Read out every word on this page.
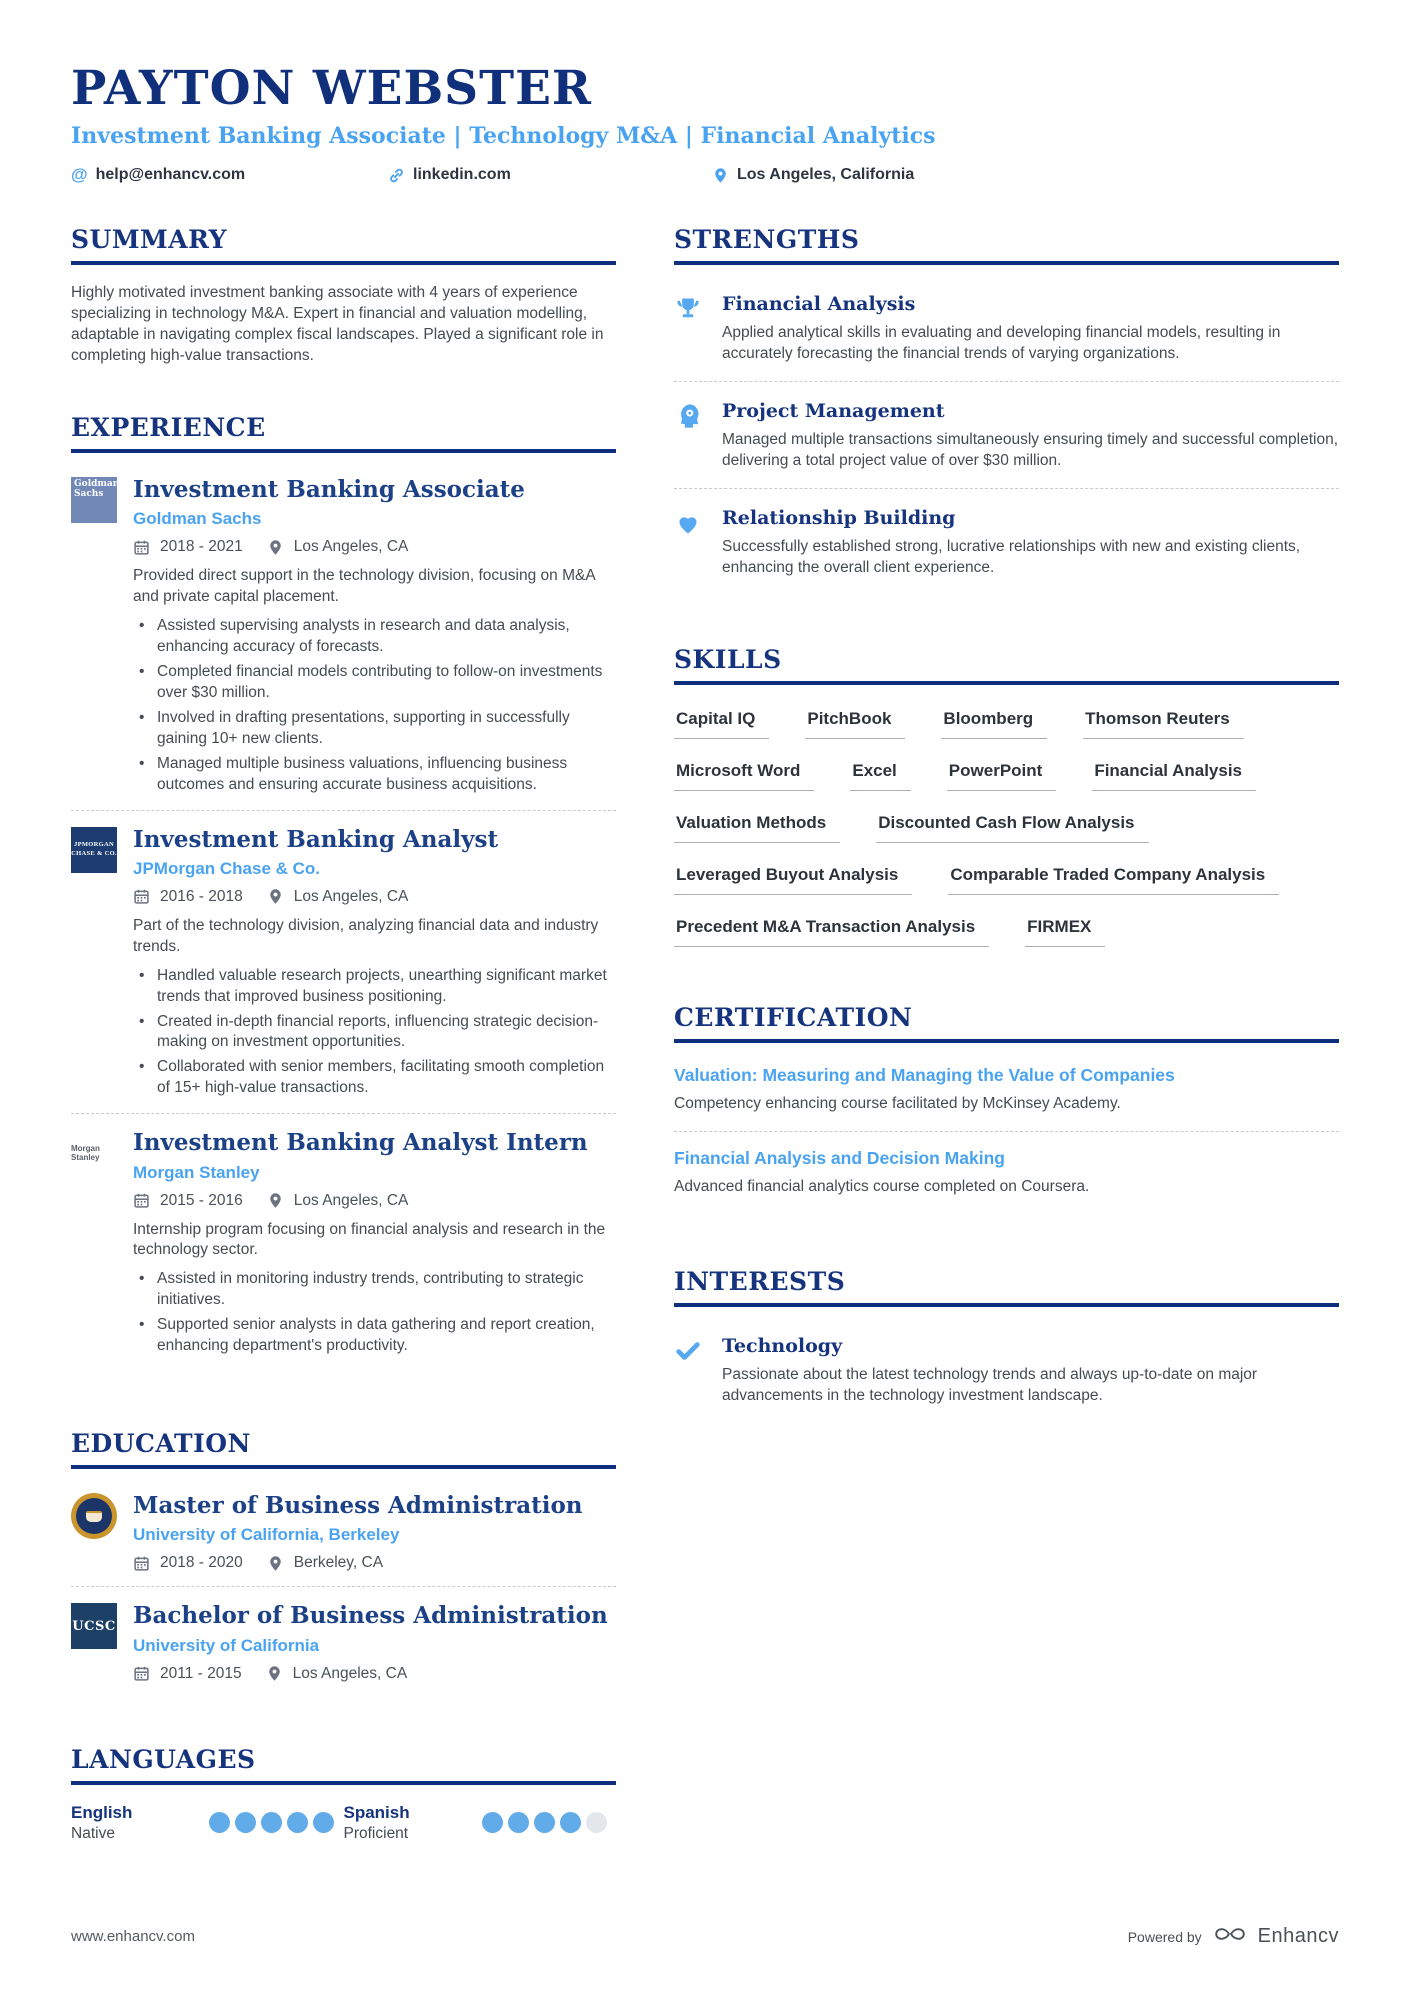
PAYTON WEBSTER
Investment Banking Associate | Technology M&A | Financial Analytics
@ help@enhancv.com	linkedin.com	Los Angeles, California
SUMMARY
Highly motivated investment banking associate with 4 years of experience specializing in technology M&A. Expert in financial and valuation modelling, adaptable in navigating complex fiscal landscapes. Played a significant role in completing high-value transactions.
EXPERIENCE
Goldman Sachs	Investment Banking Associate
Goldman Sachs
2018 - 2021	Los Angeles, CA
Provided direct support in the technology division, focusing on M&A and private capital placement.
• Assisted supervising analysts in research and data analysis, enhancing accuracy of forecasts.
• Completed financial models contributing to follow-on investments over $30 million.
• Involved in drafting presentations, supporting in successfully gaining 10+ new clients.
• Managed multiple business valuations, influencing business outcomes and ensuring accurate business acquisitions.
JPMORGAN CHASE & CO.
Investment Banking Analyst
JPMorgan Chase & Co.
2016 - 2018	Los Angeles, CA
Part of the technology division, analyzing financial data and industry trends.
• Handled valuable research projects, unearthing significant market trends that improved business positioning.
• Created in-depth financial reports, influencing strategic decision-making on investment opportunities.
• Collaborated with senior members, facilitating smooth completion of 15+ high-value transactions.
Morgan Stanley
Investment Banking Analyst Intern
Morgan Stanley
2015 - 2016	Los Angeles, CA
Internship program focusing on financial analysis and research in the technology sector.
• Assisted in monitoring industry trends, contributing to strategic initiatives.
• Supported senior analysts in data gathering and report creation, enhancing department's productivity.
EDUCATION
Master of Business Administration
University of California, Berkeley
2018 - 2020	Berkeley, CA
UCSC Bachelor of Business Administration
University of California
2011 - 2015	Los Angeles, CA
LANGUAGES
English
Native
Spanish
Proficient
STRENGTHS
Financial Analysis
Applied analytical skills in evaluating and developing financial models, resulting in accurately forecasting the financial trends of varying organizations.
Project Management
Managed multiple transactions simultaneously ensuring timely and successful completion, delivering a total project value of over $30 million.
Relationship Building
Successfully established strong, lucrative relationships with new and existing clients, enhancing the overall client experience.
SKILLS
Capital IQ	PitchBook	Bloomberg	Thomson Reuters
Microsoft Word	Excel	PowerPoint	Financial Analysis
Valuation Methods	Discounted Cash Flow Analysis
Leveraged Buyout Analysis	Comparable Traded Company Analysis
Precedent M&A Transaction Analysis	FIRMEX
CERTIFICATION
Valuation: Measuring and Managing the Value of Companies
Competency enhancing course facilitated by McKinsey Academy.
Financial Analysis and Decision Making
Advanced financial analytics course completed on Coursera.
INTERESTS
Technology
Passionate about the latest technology trends and always up-to-date on major advancements in the technology investment landscape.
www.enhancv.com	Powered by	Enhancv
